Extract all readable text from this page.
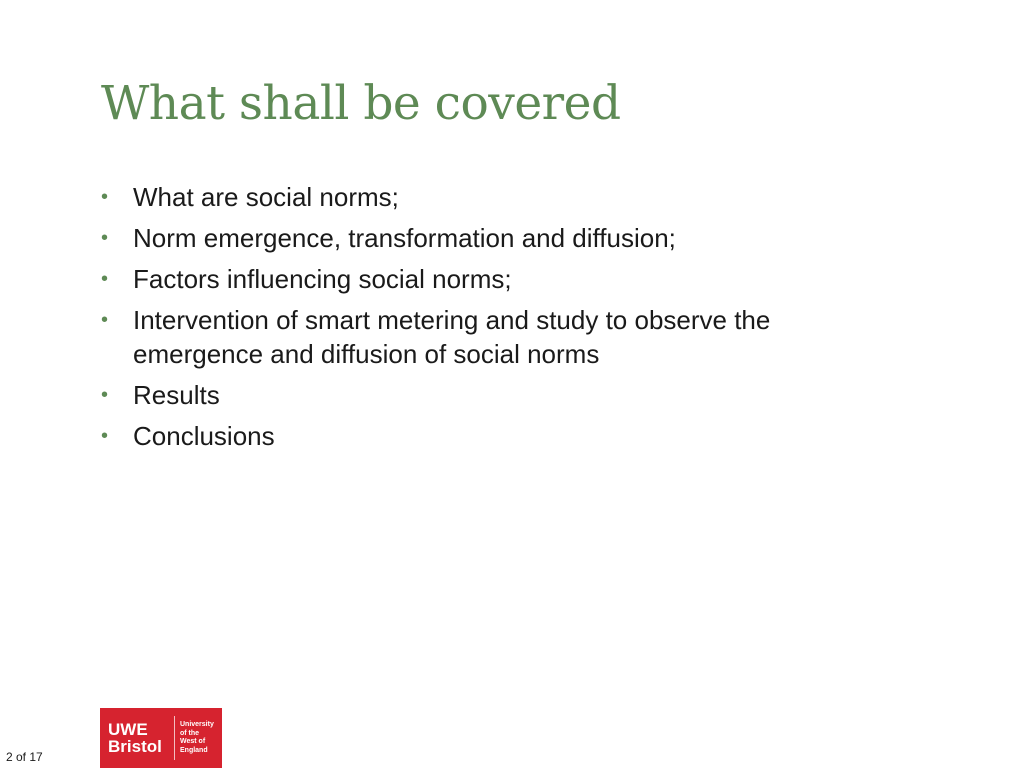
What shall be covered
• What are social norms;
• Norm emergence, transformation and diffusion;
• Factors influencing social norms;
• Intervention of smart metering and study to observe the emergence and diffusion of social norms
• Results
• Conclusions
UWE
Bristol
University
of the
West of
England
2 of 17
